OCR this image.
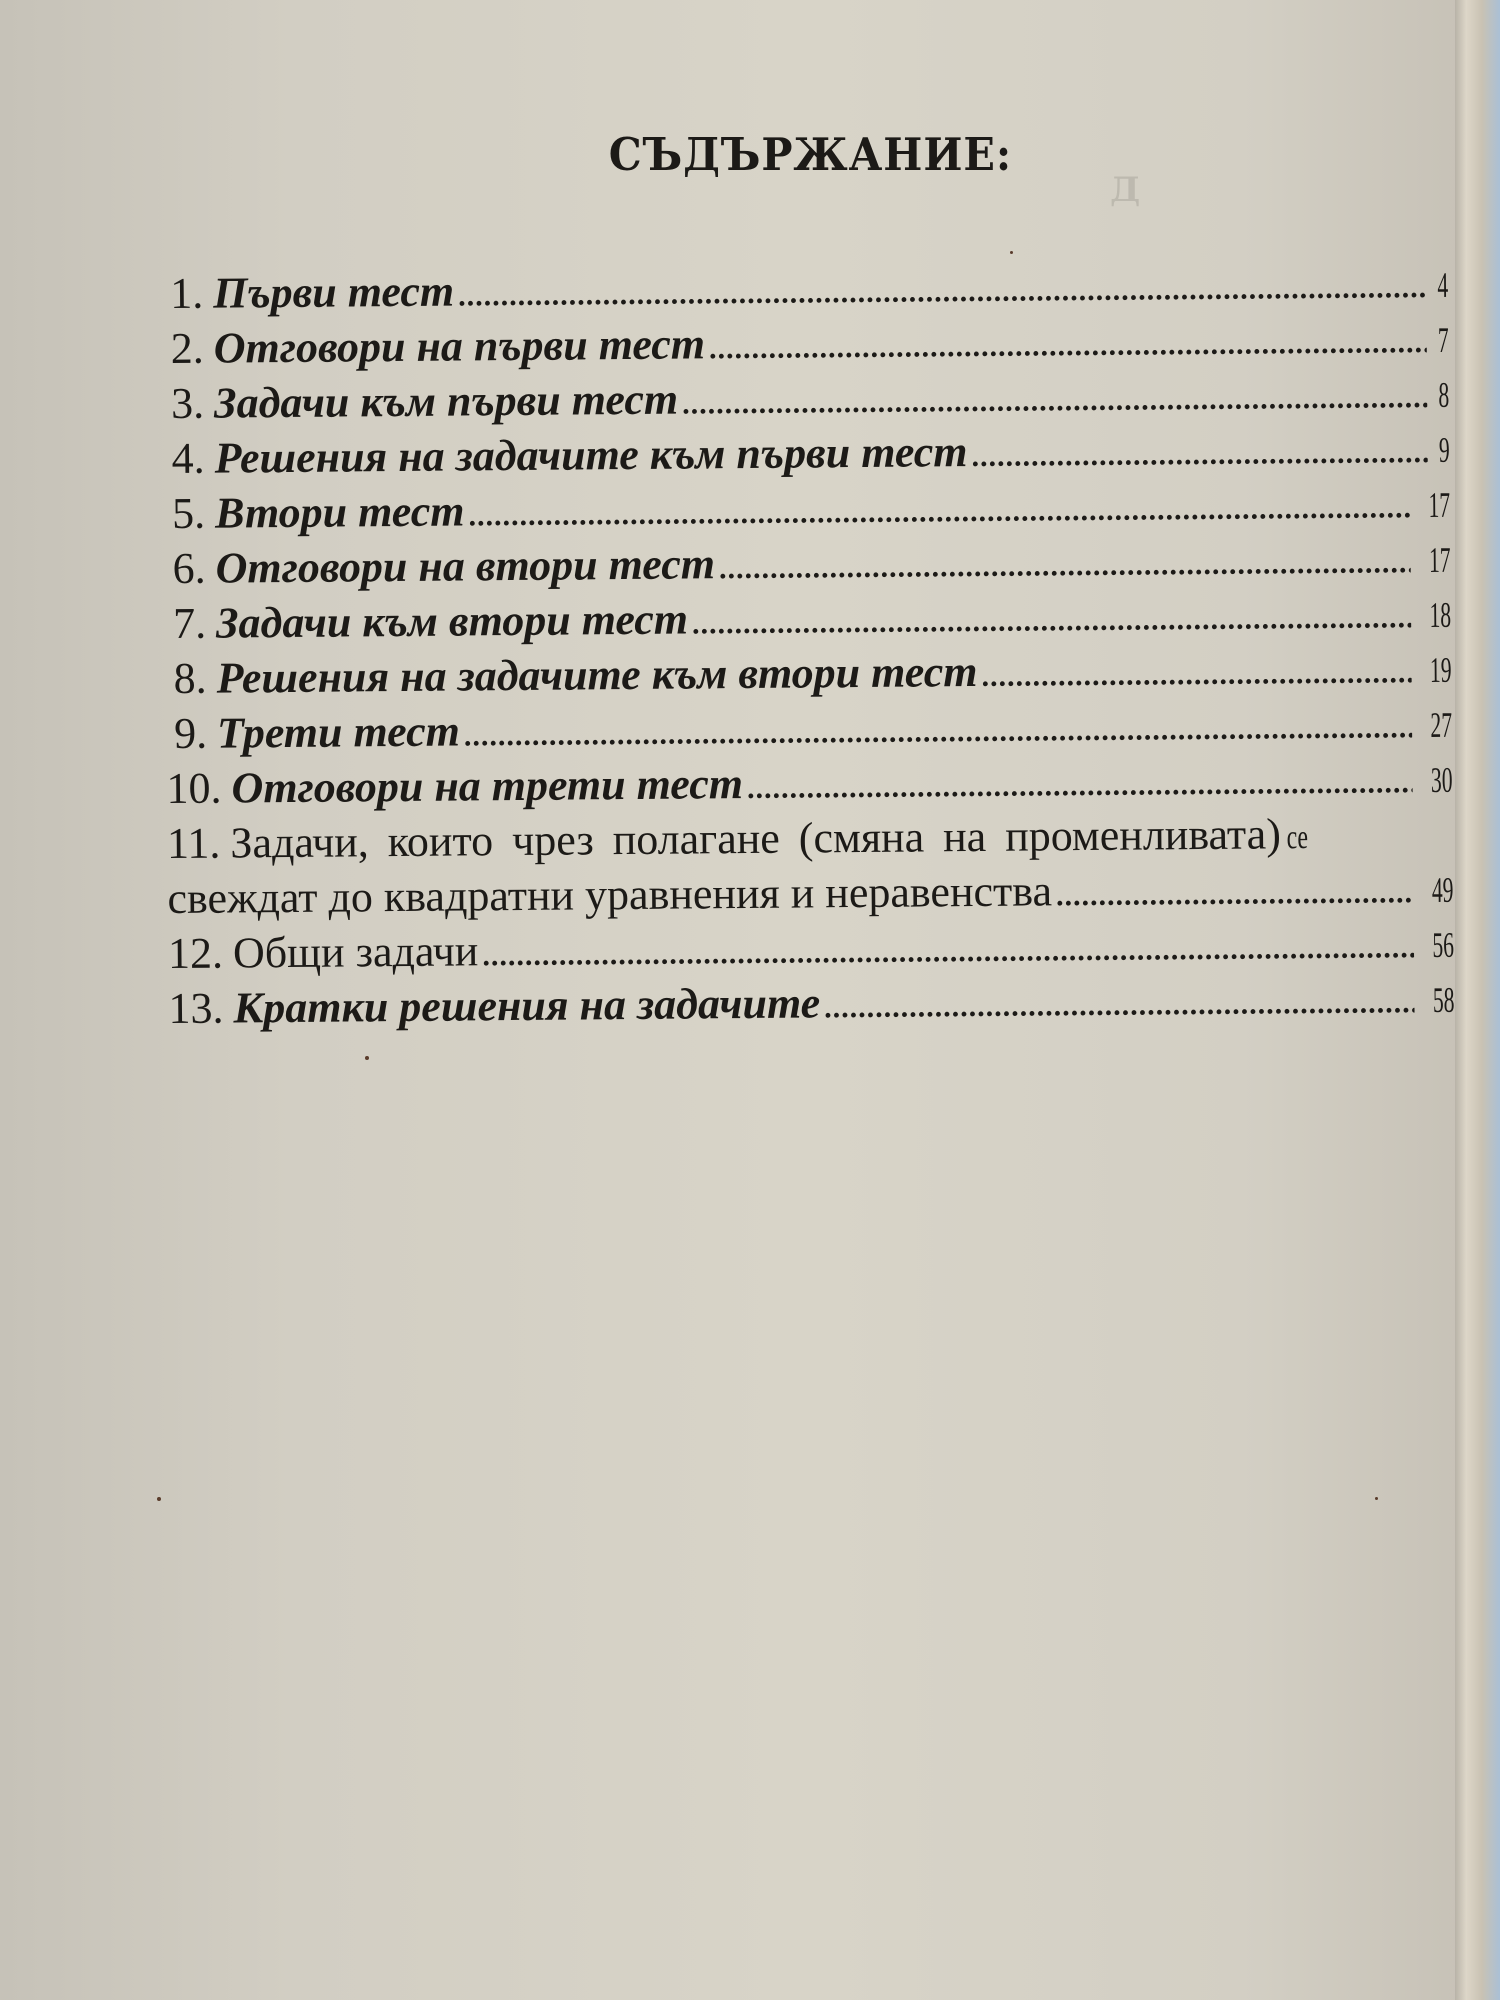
Д

СЪДЪРЖАНИЕ:
1. Първи тест .....	4
2. Отговори на първи тест .....	7
3. Задачи към първи тест .....	8
4. Решения на задачите към първи тест .....	9
5. Втори тест .....	17
6. Отговори на втори тест .....	17
7. Задачи към втори тест .....	18
8. Решения на задачите към втори тест .....	19
9. Трети тест .....	27
10. Отговори на трети тест .....	30
11. Задачи, които чрез полагане (смяна на променливата) се
свеждат до квадратни уравнения и неравенства .....	49
12. Общи задачи .....	56
13. Кратки решения на задачите .....	58
